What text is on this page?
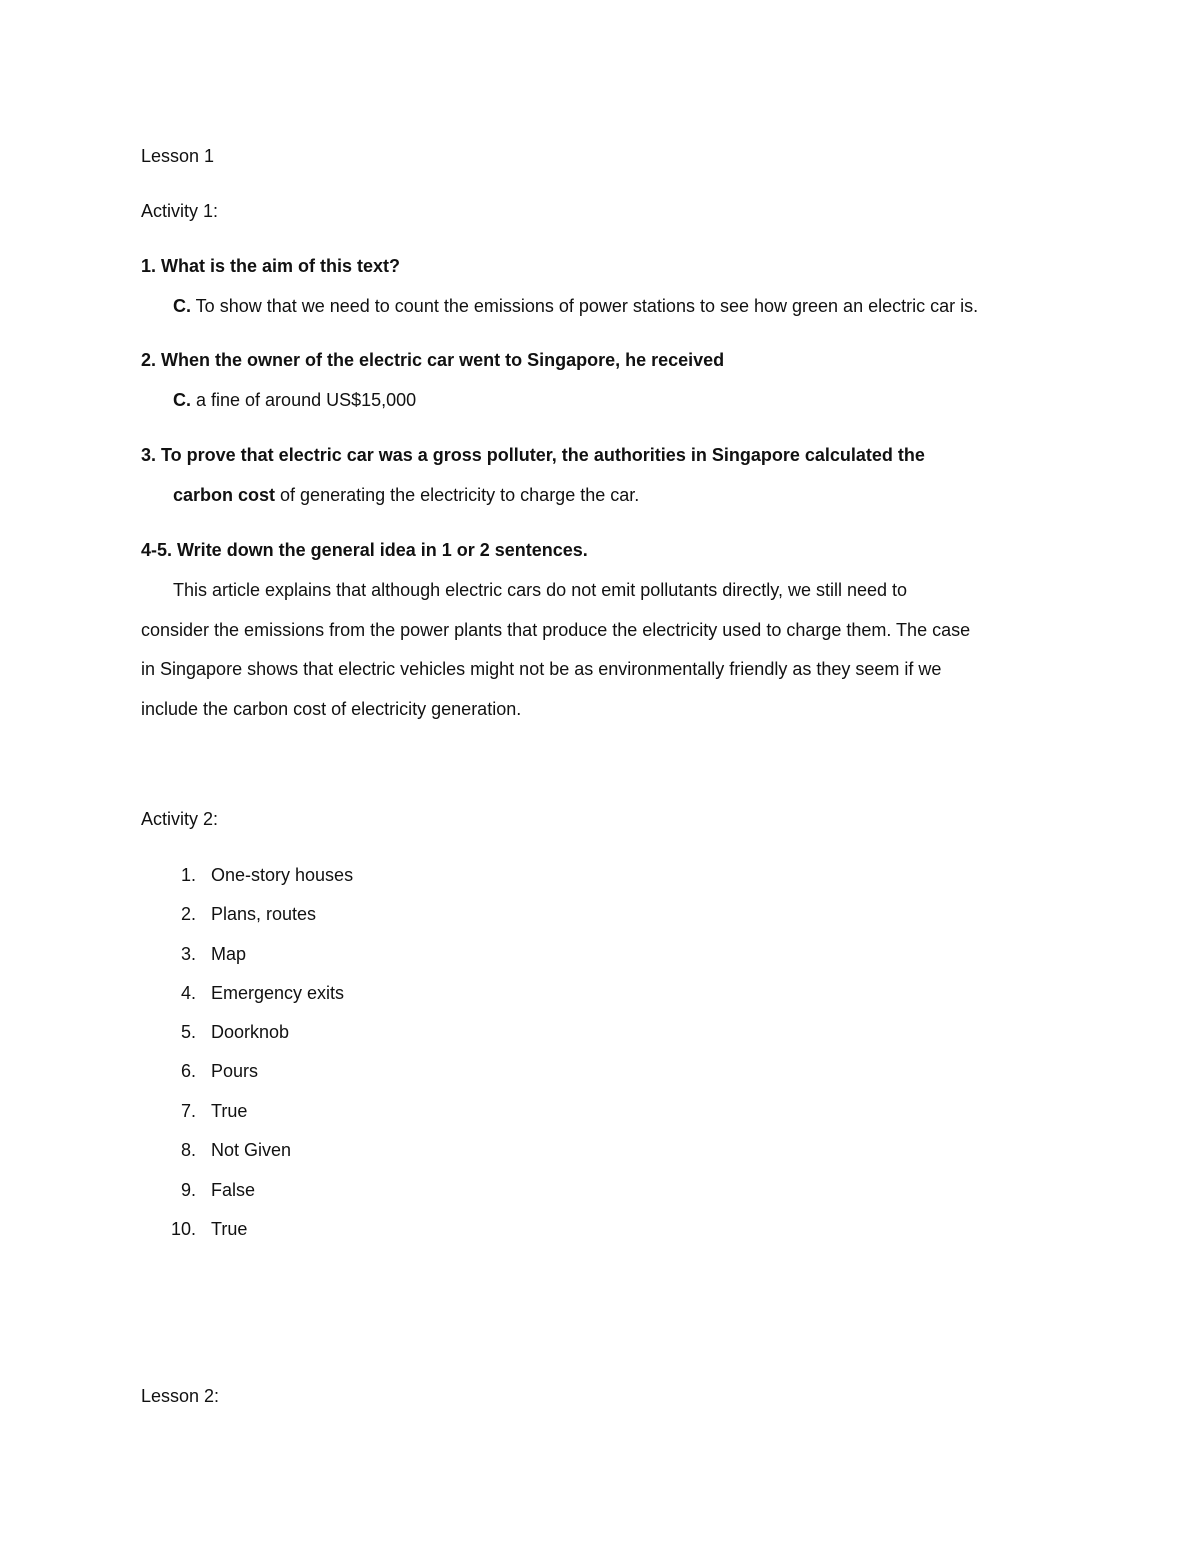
Lesson 1
Activity 1:
1. What is the aim of this text?
C. To show that we need to count the emissions of power stations to see how green an electric car is.
2. When the owner of the electric car went to Singapore, he received
C. a fine of around US$15,000
3. To prove that electric car was a gross polluter, the authorities in Singapore calculated the
carbon cost of generating the electricity to charge the car.
4-5. Write down the general idea in 1 or 2 sentences.
This article explains that although electric cars do not emit pollutants directly, we still need to
consider the emissions from the power plants that produce the electricity used to charge them. The case
in Singapore shows that electric vehicles might not be as environmentally friendly as they seem if we
include the carbon cost of electricity generation.
Activity 2:
1. One-story houses
2. Plans, routes
3. Map
4. Emergency exits
5. Doorknob
6. Pours
7. True
8. Not Given
9. False
10. True
Lesson 2:
